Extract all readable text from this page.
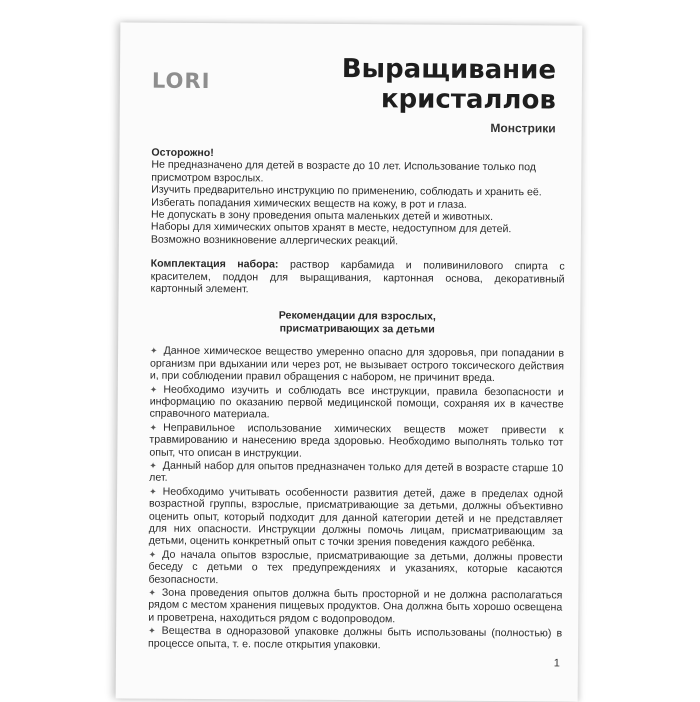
LORI	Выращивание
кристаллов
Монстрики
Осторожно!

Не предназначено для детей в возрасте до 10 лет. Использование только под присмотром взрослых.

Изучить предварительно инструкцию по применению, соблюдать и хранить её.

Избегать попадания химических веществ на кожу, в рот и глаза.

Не допускать в зону проведения опыта маленьких детей и животных.

Наборы для химических опытов хранят в месте, недоступном для детей.

Возможно возникновение аллергических реакций.

Комплектация набора: раствор карбамида и поливинилового спирта с красителем, поддон для выращивания, картонная основа, декоративный картонный элемент.

Рекомендации для взрослых,
присматривающих за детьми

✦ Данное химическое вещество умеренно опасно для здоровья, при попадании в организм при вдыхании или через рот, не вызывает острого токсического действия и, при соблюдении правил обращения с набором, не причинит вреда.

✦ Необходимо изучить и соблюдать все инструкции, правила безопасности и информацию по оказанию первой медицинской помощи, сохраняя их в качестве справочного материала.

✦ Неправильное использование химических веществ может привести к травмированию и нанесению вреда здоровью. Необходимо выполнять только тот опыт, что описан в инструкции.

✦ Данный набор для опытов предназначен только для детей в возрасте старше 10 лет.

✦ Необходимо учитывать особенности развития детей, даже в пределах одной возрастной группы, взрослые, присматривающие за детьми, должны объективно оценить опыт, который подходит для данной категории детей и не представляет для них опасности. Инструкции должны помочь лицам, присматривающим за детьми, оценить конкретный опыт с точки зрения поведения каждого ребёнка.

✦ До начала опытов взрослые, присматривающие за детьми, должны провести беседу с детьми о тех предупреждениях и указаниях, которые касаются безопасности.

✦ Зона проведения опытов должна быть просторной и не должна располагаться рядом с местом хранения пищевых продуктов. Она должна быть хорошо освещена и проветрена, находиться рядом с водопроводом.

✦ Вещества в одноразовой упаковке должны быть использованы (полностью) в процессе опыта, т. е. после открытия упаковки.

1
